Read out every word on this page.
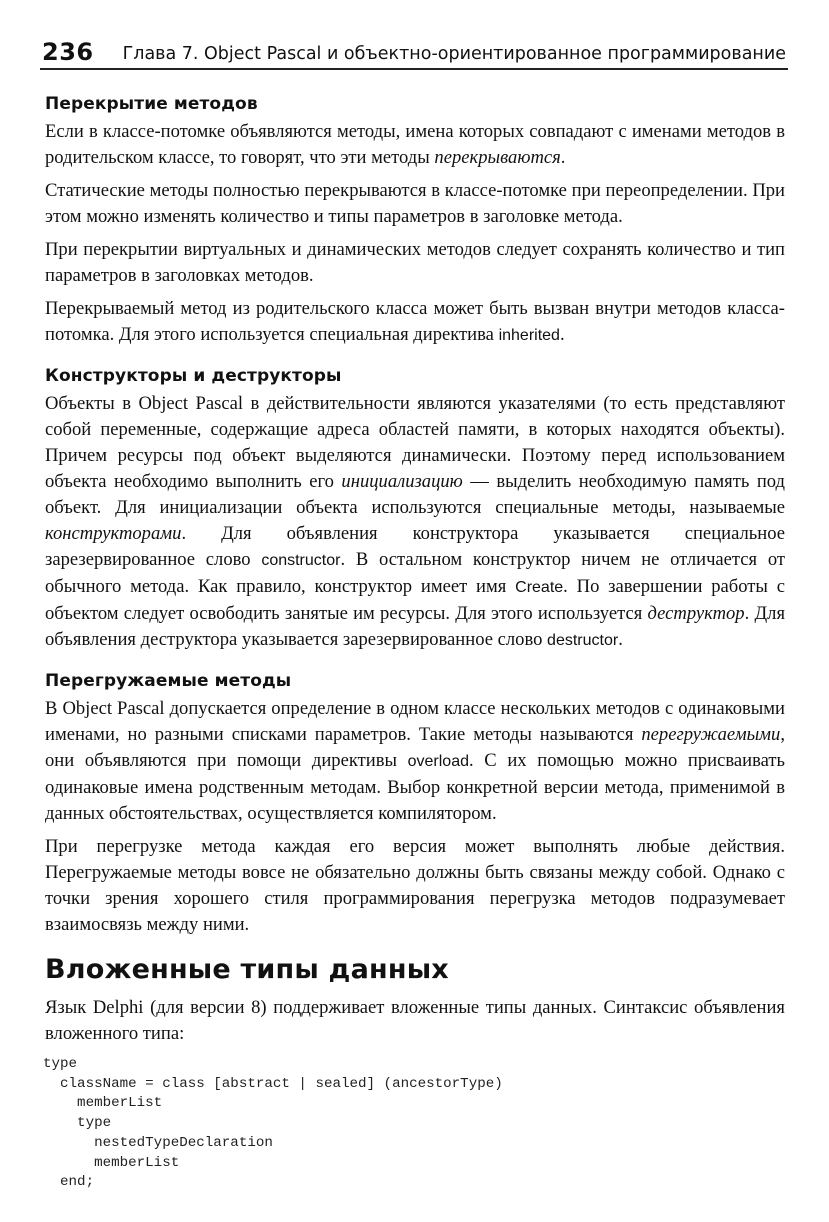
236 Глава 7. Object Pascal и объектно-ориентированное программирование
Перекрытие методов

Если в классе-потомке объявляются методы, имена которых совпадают с именами методов в родительском классе, то говорят, что эти методы перекрываются.

Статические методы полностью перекрываются в классе-потомке при переопределении. При этом можно изменять количество и типы параметров в заголовке метода.

При перекрытии виртуальных и динамических методов следует сохранять количество и тип параметров в заголовках методов.

Перекрываемый метод из родительского класса может быть вызван внутри методов класса-потомка. Для этого используется специальная директива inherited.

Конструкторы и деструкторы

Объекты в Object Pascal в действительности являются указателями (то есть представляют собой переменные, содержащие адреса областей памяти, в которых находятся объекты). Причем ресурсы под объект выделяются динамически. Поэтому перед использованием объекта необходимо выполнить его инициализацию — выделить необходимую память под объект. Для инициализации объекта используются специальные методы, называемые конструкторами. Для объявления конструктора указывается специальное зарезервированное слово constructor. В остальном конструктор ничем не отличается от обычного метода. Как правило, конструктор имеет имя Create. По завершении работы с объектом следует освободить занятые им ресурсы. Для этого используется деструктор. Для объявления деструктора указывается зарезервированное слово destructor.

Перегружаемые методы

В Object Pascal допускается определение в одном классе нескольких методов с одинаковыми именами, но разными списками параметров. Такие методы называются перегружаемыми, они объявляются при помощи директивы overload. С их помощью можно присваивать одинаковые имена родственным методам. Выбор конкретной версии метода, применимой в данных обстоятельствах, осуществляется компилятором.

При перегрузке метода каждая его версия может выполнять любые действия. Перегружаемые методы вовсе не обязательно должны быть связаны между собой. Однако с точки зрения хорошего стиля программирования перегрузка методов подразумевает взаимосвязь между ними.

Вложенные типы данных

Язык Delphi (для версии 8) поддерживает вложенные типы данных. Синтаксис объявления вложенного типа:

type
className = class [abstract | sealed] (ancestorType)
memberList
type
nestedTypeDeclaration
memberList
end;
